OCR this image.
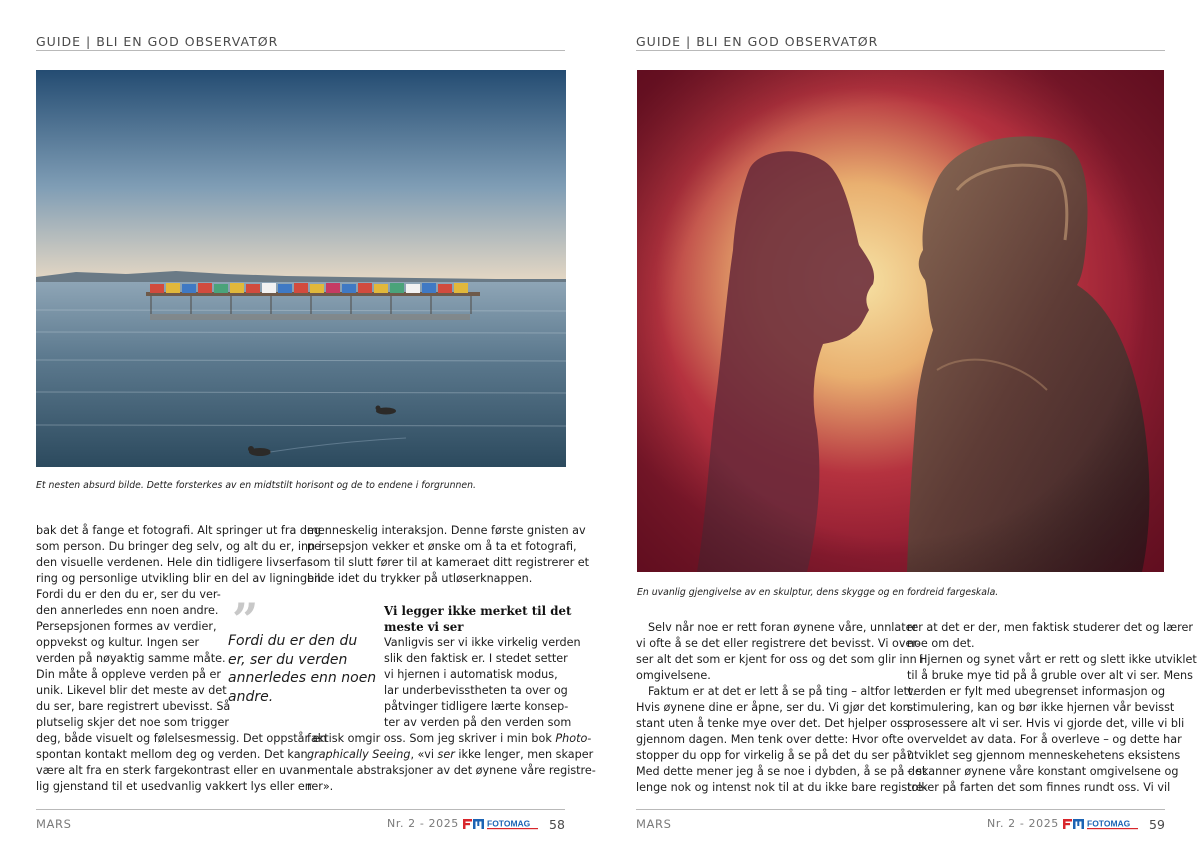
GUIDE | BLI EN GOD OBSERVATØR
Et nesten absurd bilde. Dette forsterkes av en midtstilt horisont og de to endene i forgrunnen.
bak det å fange et fotografi. Alt springer ut fra deg
som person. Du bringer deg selv, og alt du er, inn i
den visuelle verdenen. Hele din tidligere livserfa-
ring og personlige utvikling blir en del av ligningen.
Fordi du er den du er, ser du ver-
den annerledes enn noen andre.
Persepsjonen formes av verdier,
oppvekst og kultur. Ingen ser
verden på nøyaktig samme måte.
Din måte å oppleve verden på er
unik. Likevel blir det meste av det
du ser, bare registrert ubevisst. Så
plutselig skjer det noe som trigger
deg, både visuelt og følelsesmessig. Det oppstår en
spontan kontakt mellom deg og verden. Det kan
være alt fra en sterk fargekontrast eller en uvan-
lig gjenstand til et usedvanlig vakkert lys eller en
”
Fordi du er den du
er, ser du verden
annerledes enn noen
andre.
menneskelig interaksjon. Denne første gnisten av
persepsjon vekker et ønske om å ta et fotografi,
som til slutt fører til at kameraet ditt registrerer et
bilde idet du trykker på utløserknappen.
Vi legger ikke merket til det
meste vi ser
Vanligvis ser vi ikke virkelig verden
slik den faktisk er. I stedet setter
vi hjernen i automatisk modus,
lar underbevisstheten ta over og
påtvinger tidligere lærte konsep-
ter av verden på den verden som
faktisk omgir oss. Som jeg skriver i min bok Photo-
graphically Seeing, «vi ser ikke lenger, men skaper
mentale abstraksjoner av det øynene våre registre-
rer».
MARS	Nr. 2 - 2025	FOTOMAG 58
GUIDE | BLI EN GOD OBSERVATØR
En uvanlig gjengivelse av en skulptur, dens skygge og en fordreid fargeskala.
Selv når noe er rett foran øynene våre, unnlater
vi ofte å se det eller registrere det bevisst. Vi over-
ser alt det som er kjent for oss og det som glir inn i
omgivelsene.
Faktum er at det er lett å se på ting – altfor lett.
Hvis øynene dine er åpne, ser du. Vi gjør det kon-
stant uten å tenke mye over det. Det hjelper oss
gjennom dagen. Men tenk over dette: Hvor ofte
stopper du opp for virkelig å se på det du ser på?
Med dette mener jeg å se noe i dybden, å se på det
lenge nok og intenst nok til at du ikke bare registre-
rer at det er der, men faktisk studerer det og lærer
noe om det.
Hjernen og synet vårt er rett og slett ikke utviklet
til å bruke mye tid på å gruble over alt vi ser. Mens
verden er fylt med ubegrenset informasjon og
stimulering, kan og bør ikke hjernen vår bevisst
prosessere alt vi ser. Hvis vi gjorde det, ville vi bli
overveldet av data. For å overleve – og dette har
utviklet seg gjennom menneskehetens eksistens
– skanner øynene våre konstant omgivelsene og
tolker på farten det som finnes rundt oss. Vi vil
MARS	Nr. 2 - 2025	FOTOMAG 59
